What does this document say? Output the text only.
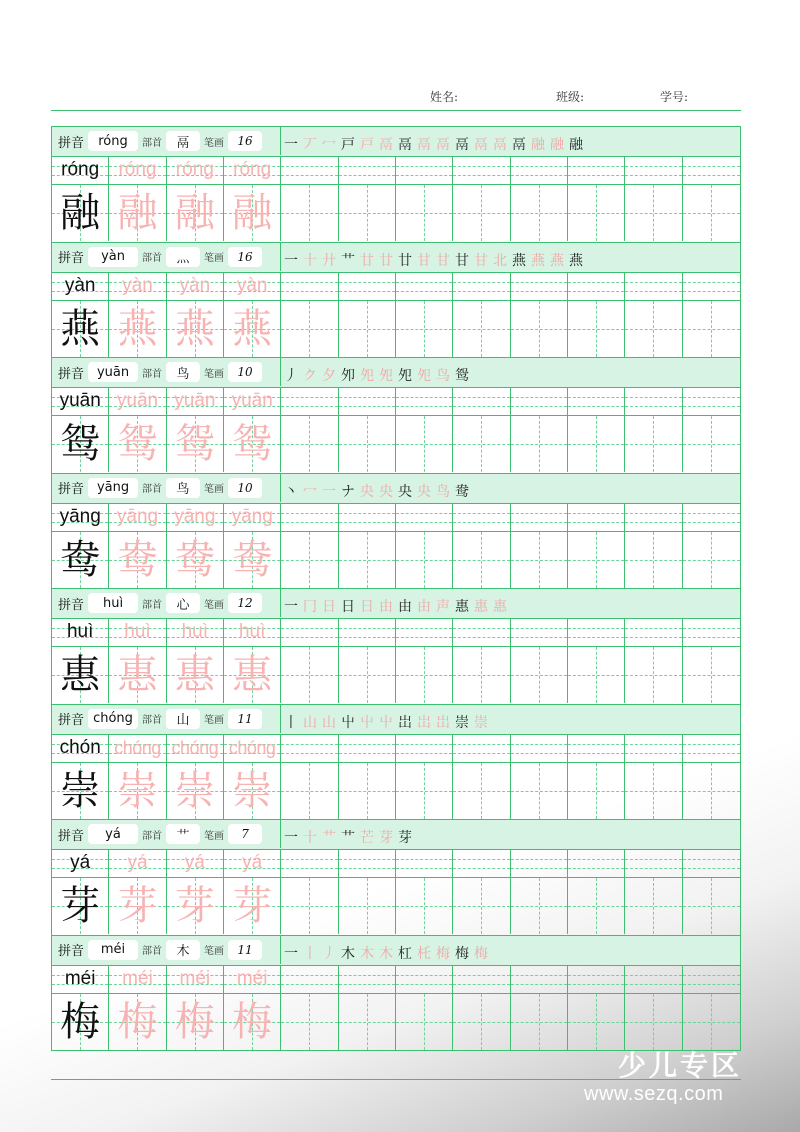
姓名:	班级:	学号:
拼音	róng	部首	鬲	笔画	16	一 丆 冖 戸 戸 鬲 鬲 鬲 鬲 鬲 鬲 鬲 鬲 融 融 融
róng	róng	róng	róng
融 融 融 融
拼音	yàn	部首	灬	笔画	16	一 十 廾 艹 廿 廿 廿 甘 甘 甘 甘 北 燕 燕 燕 燕
yàn	yàn	yàn	yàn
燕 燕 燕 燕
拼音 yuān	部首	鸟	笔画	10	丿 ク 夕 夘 夗 夗 夗 夗 鸟 鸳
yuān yuān yuān yuān
鸳 鸳 鸳 鸳
拼音 yāng	部首	鸟	笔画	10	丶 冖 一 ナ 央 央 央 央 鸟 鸯
yāng yāng yāng yāng
鸯 鸯 鸯 鸯
拼音	huì	部首	心	笔画	12	一 冂 日 日 日 由 由 由 声 惠 惠 惠
huì	huì	huì	huì
惠 惠 惠 惠
拼音 chóng 部首	山	笔画	11	丨 山 山 屮 屮 屮 岀 岀 岀 崇 崇
chón chóng chóng chóng
崇 崇 崇 崇
拼音	yá	部首	艹	笔画	7	一 十 艹 艹 芒 芽 芽
yá	yá	yá	yá
芽 芽 芽 芽
拼音	méi	部首	木	笔画	11	一 丨 丿 木 木 木 杠 杔 梅 梅 梅
méi	méi	méi	méi
梅 梅 梅 梅
少儿专区
www.sezq.com
